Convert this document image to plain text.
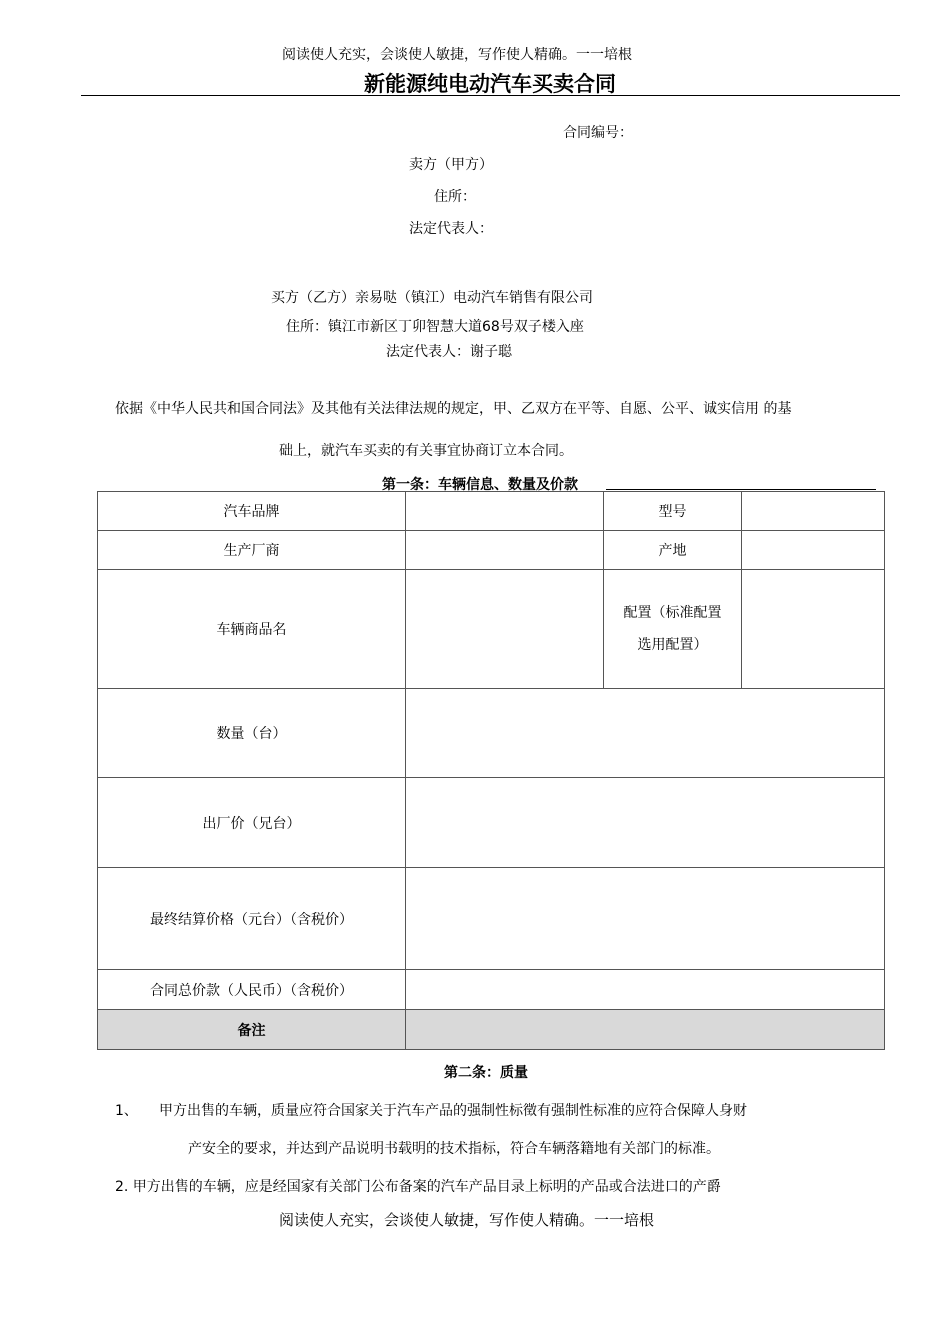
阅读使人充实，会谈使人敏捷，写作使人精确。一一培根
新能源纯电动汽车买卖合同
合同编号：
卖方（甲方）
住所：
法定代表人：
买方（乙方）亲易哒（镇江）电动汽车销售有限公司
住所：镇江市新区丁卯智慧大道68号双子楼入座
法定代表人：谢子聪
依据《中华人民共和国合同法》及其他有关法律法规的规定，甲、乙双方在平等、自愿、公平、诚实信用 的基
础上，就汽车买卖的有关事宜协商订立本合同。
第一条：车辆信息、数量及价款
汽车品牌		型号	
生产厂商		产地	
车辆商品名		配置（标准配置
选用配置）	

数量（台）			
出厂价（兄台）			
最终结算价格（元台）（含税价）			
合同总价款（人民币）（含税价）			
备注			
第二条：质量
1、 甲方出售的车辆，质量应符合国家关于汽车产品的强制性标徵有强制性标准的应符合保障人身财
产安全的要求，并达到产品说明书载明的技术指标，符合车辆落籍地有关部门的标准。
2. 甲方出售的车辆，应是经国家有关部门公布备案的汽车产品目录上标明的产品或合法进口的产爵
阅读使人充实，会谈使人敏捷，写作使人精确。一一培根
